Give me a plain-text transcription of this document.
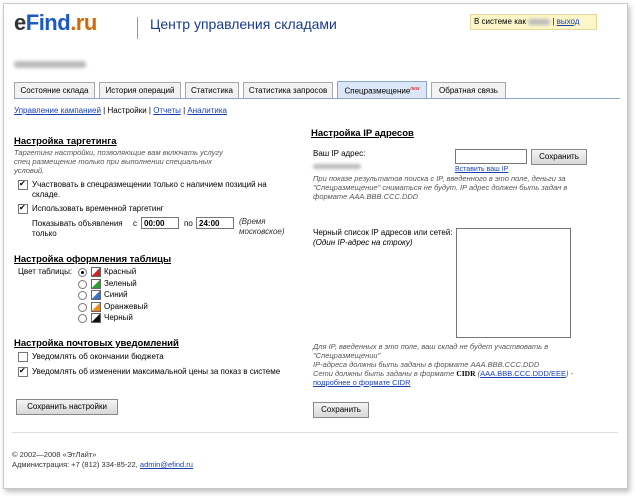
eFind.ru	Центр управления складами	В системе как	| выход
Состояние склада	История операций	Статистика	Статистика запросов	Спецразмещение$^{new}$	Обратная связь
Управление кампанией | Настройки | Отчеты | Аналитика
Настройка таргетинга
Таргетинг настройки, позволяющие вам включать услугу спец размещение только при выполнении специальных условий.
✔
Участвовать в спецразмещении только с наличием позиций на складе.
✔
Использовать временной таргетинг
Показывать объявления только
с 00:00	по 24:00	(Время московское)
Настройка оформления таблицы
Цвет таблицы:	Красный
Зеленый
Синий
Оранжевый
Черный
Настройка почтовых уведомлений
Уведомлять об окончании бюджета
✔
Уведомлять об изменении максимальной цены за показ в системе
Сохранить настройки
Настройка IP адресов
Ваш IP адрес:
Вставить ваш IP
Сохранить
При показе результатов поиска с IP, введенного в это поле, деньги за "Спецразмещение" сниматься не будут. IP адрес должен быть задан в формате AAA.BBB.CCC.DDD
Черный список IP адресов или сетей:
(Один IP-адрес на строку)
Для IP, введенных в это поле, ваш склад не будет участвовать в "Спецразмещении"
IP-адреса должны быть заданы в формате AAA.BBB.CCC.DDD
Сети должны быть заданы в формате CIDR (AAA.BBB.CCC.DDD/EEE) -
подробнее о формате CIDR
Сохранить
© 2002—2008 «ЭтЛайт»
Администрация: +7 (812) 334-85-22, admin@efind.ru
